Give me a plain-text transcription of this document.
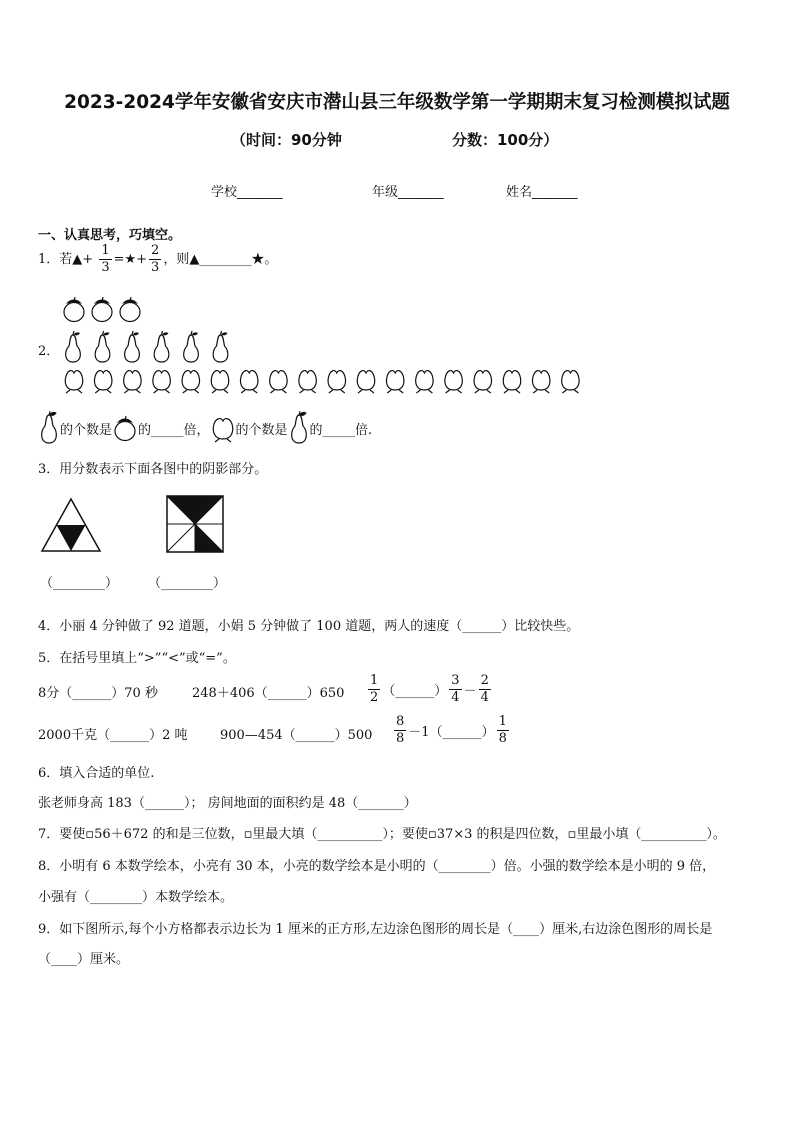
2023-2024学年安徽省安庆市潜山县三年级数学第一学期期末复习检测模拟试题
（时间：90分钟	分数：100分）
学校_______	年级_______	姓名_______
一、认真思考，巧填空。
1．若▲+ $\frac{1}{3}$ =★+ $\frac{2}{3}$ ，则▲________★。
2．
的个数是 的_____倍， 的个数是 的_____倍.
3．用分数表示下面各图中的阴影部分。
（________） （________）
4．小丽 4 分钟做了 92 道题，小娟 5 分钟做了 100 道题，两人的速度（______）比较快些。
5．在括号里填上“>”“<”或“=”。
8分（______）70 秒	248＋406（______）650 $\frac{1}{2}$ （______） $\frac{3}{4} - \frac{2}{4}$
2000千克（______）2 吨	900—454（______）500 $\frac{8}{8}$ －1（______） $\frac{1}{8}$
6．填入合适的单位.
张老师身高 183（______）； 房间地面的面积约是 48（_______）
7．要使▫56＋672 的和是三位数，▫里最大填（__________）；要使▫37×3 的积是四位数，▫里最小填（__________）。
8．小明有 6 本数学绘本，小亮有 30 本，小亮的数学绘本是小明的（________）倍。小强的数学绘本是小明的 9 倍，
小强有（________）本数学绘本。
9．如下图所示,每个小方格都表示边长为 1 厘米的正方形,左边涂色图形的周长是（____）厘米,右边涂色图形的周长是
（____）厘米。
